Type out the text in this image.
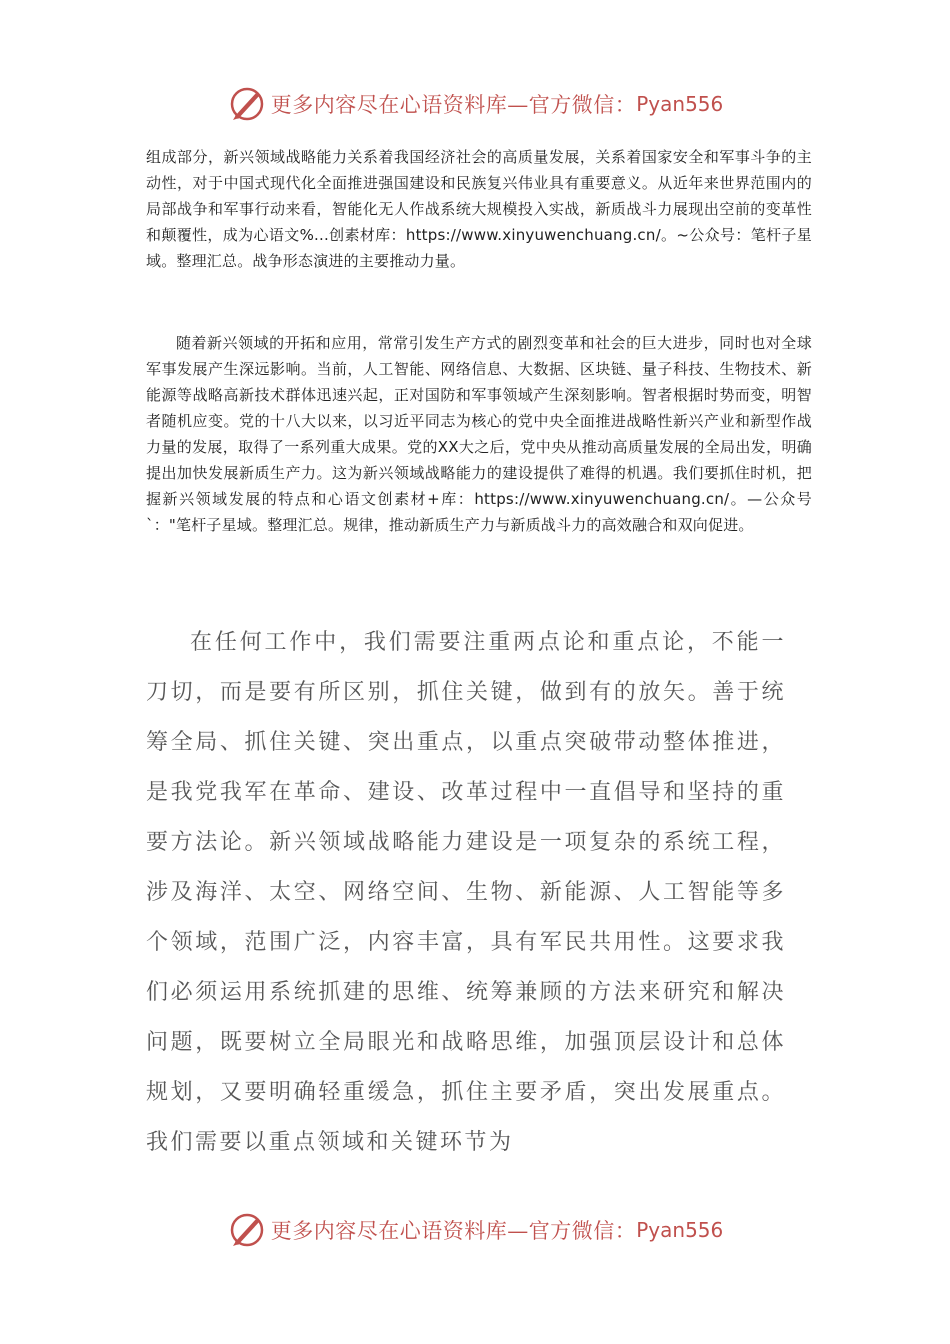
更多内容尽在心语资料库—官方微信： Pyan556

组成部分，新兴领域战略能力关系着我国经济社会的高质量发展，关系着国家安全和军事斗争的主动性，对于中国式现代化全面推进强国建设和民族复兴伟业具有重要意义。从近年来世界范围内的局部战争和军事行动来看，智能化无人作战系统大规模投入实战，新质战斗力展现出空前的变革性和颠覆性，成为心语文%...创素材库：https://www.xinyuwenchuang.cn/。~公众号：笔杆子星域。整理汇总。战争形态演进的主要推动力量。

随着新兴领域的开拓和应用，常常引发生产方式的剧烈变革和社会的巨大进步，同时也对全球军事发展产生深远影响。当前，人工智能、网络信息、大数据、区块链、量子科技、生物技术、新能源等战略高新技术群体迅速兴起，正对国防和军事领域产生深刻影响。智者根据时势而变，明智者随机应变。党的十八大以来，以习近平同志为核心的党中央全面推进战略性新兴产业和新型作战力量的发展，取得了一系列重大成果。党的XX大之后，党中央从推动高质量发展的全局出发，明确提出加快发展新质生产力。这为新兴领域战略能力的建设提供了难得的机遇。我们要抓住时机，把握新兴领域发展的特点和心语文创素材+库：https://www.xinyuwenchuang.cn/。—公众号`："笔杆子星域。整理汇总。规律，推动新质生产力与新质战斗力的高效融合和双向促进。

在任何工作中，我们需要注重两点论和重点论，不能一刀切，而是要有所区别，抓住关键，做到有的放矢。善于统筹全局、抓住关键、突出重点，以重点突破带动整体推进，是我党我军在革命、建设、改革过程中一直倡导和坚持的重要方法论。新兴领域战略能力建设是一项复杂的系统工程，涉及海洋、太空、网络空间、生物、新能源、人工智能等多个领域，范围广泛，内容丰富，具有军民共用性。这要求我们必须运用系统抓建的思维、统筹兼顾的方法来研究和解决问题，既要树立全局眼光和战略思维，加强顶层设计和总体规划，又要明确轻重缓急，抓住主要矛盾，突出发展重点。我们需要以重点领域和关键环节为

更多内容尽在心语资料库—官方微信： Pyan556
